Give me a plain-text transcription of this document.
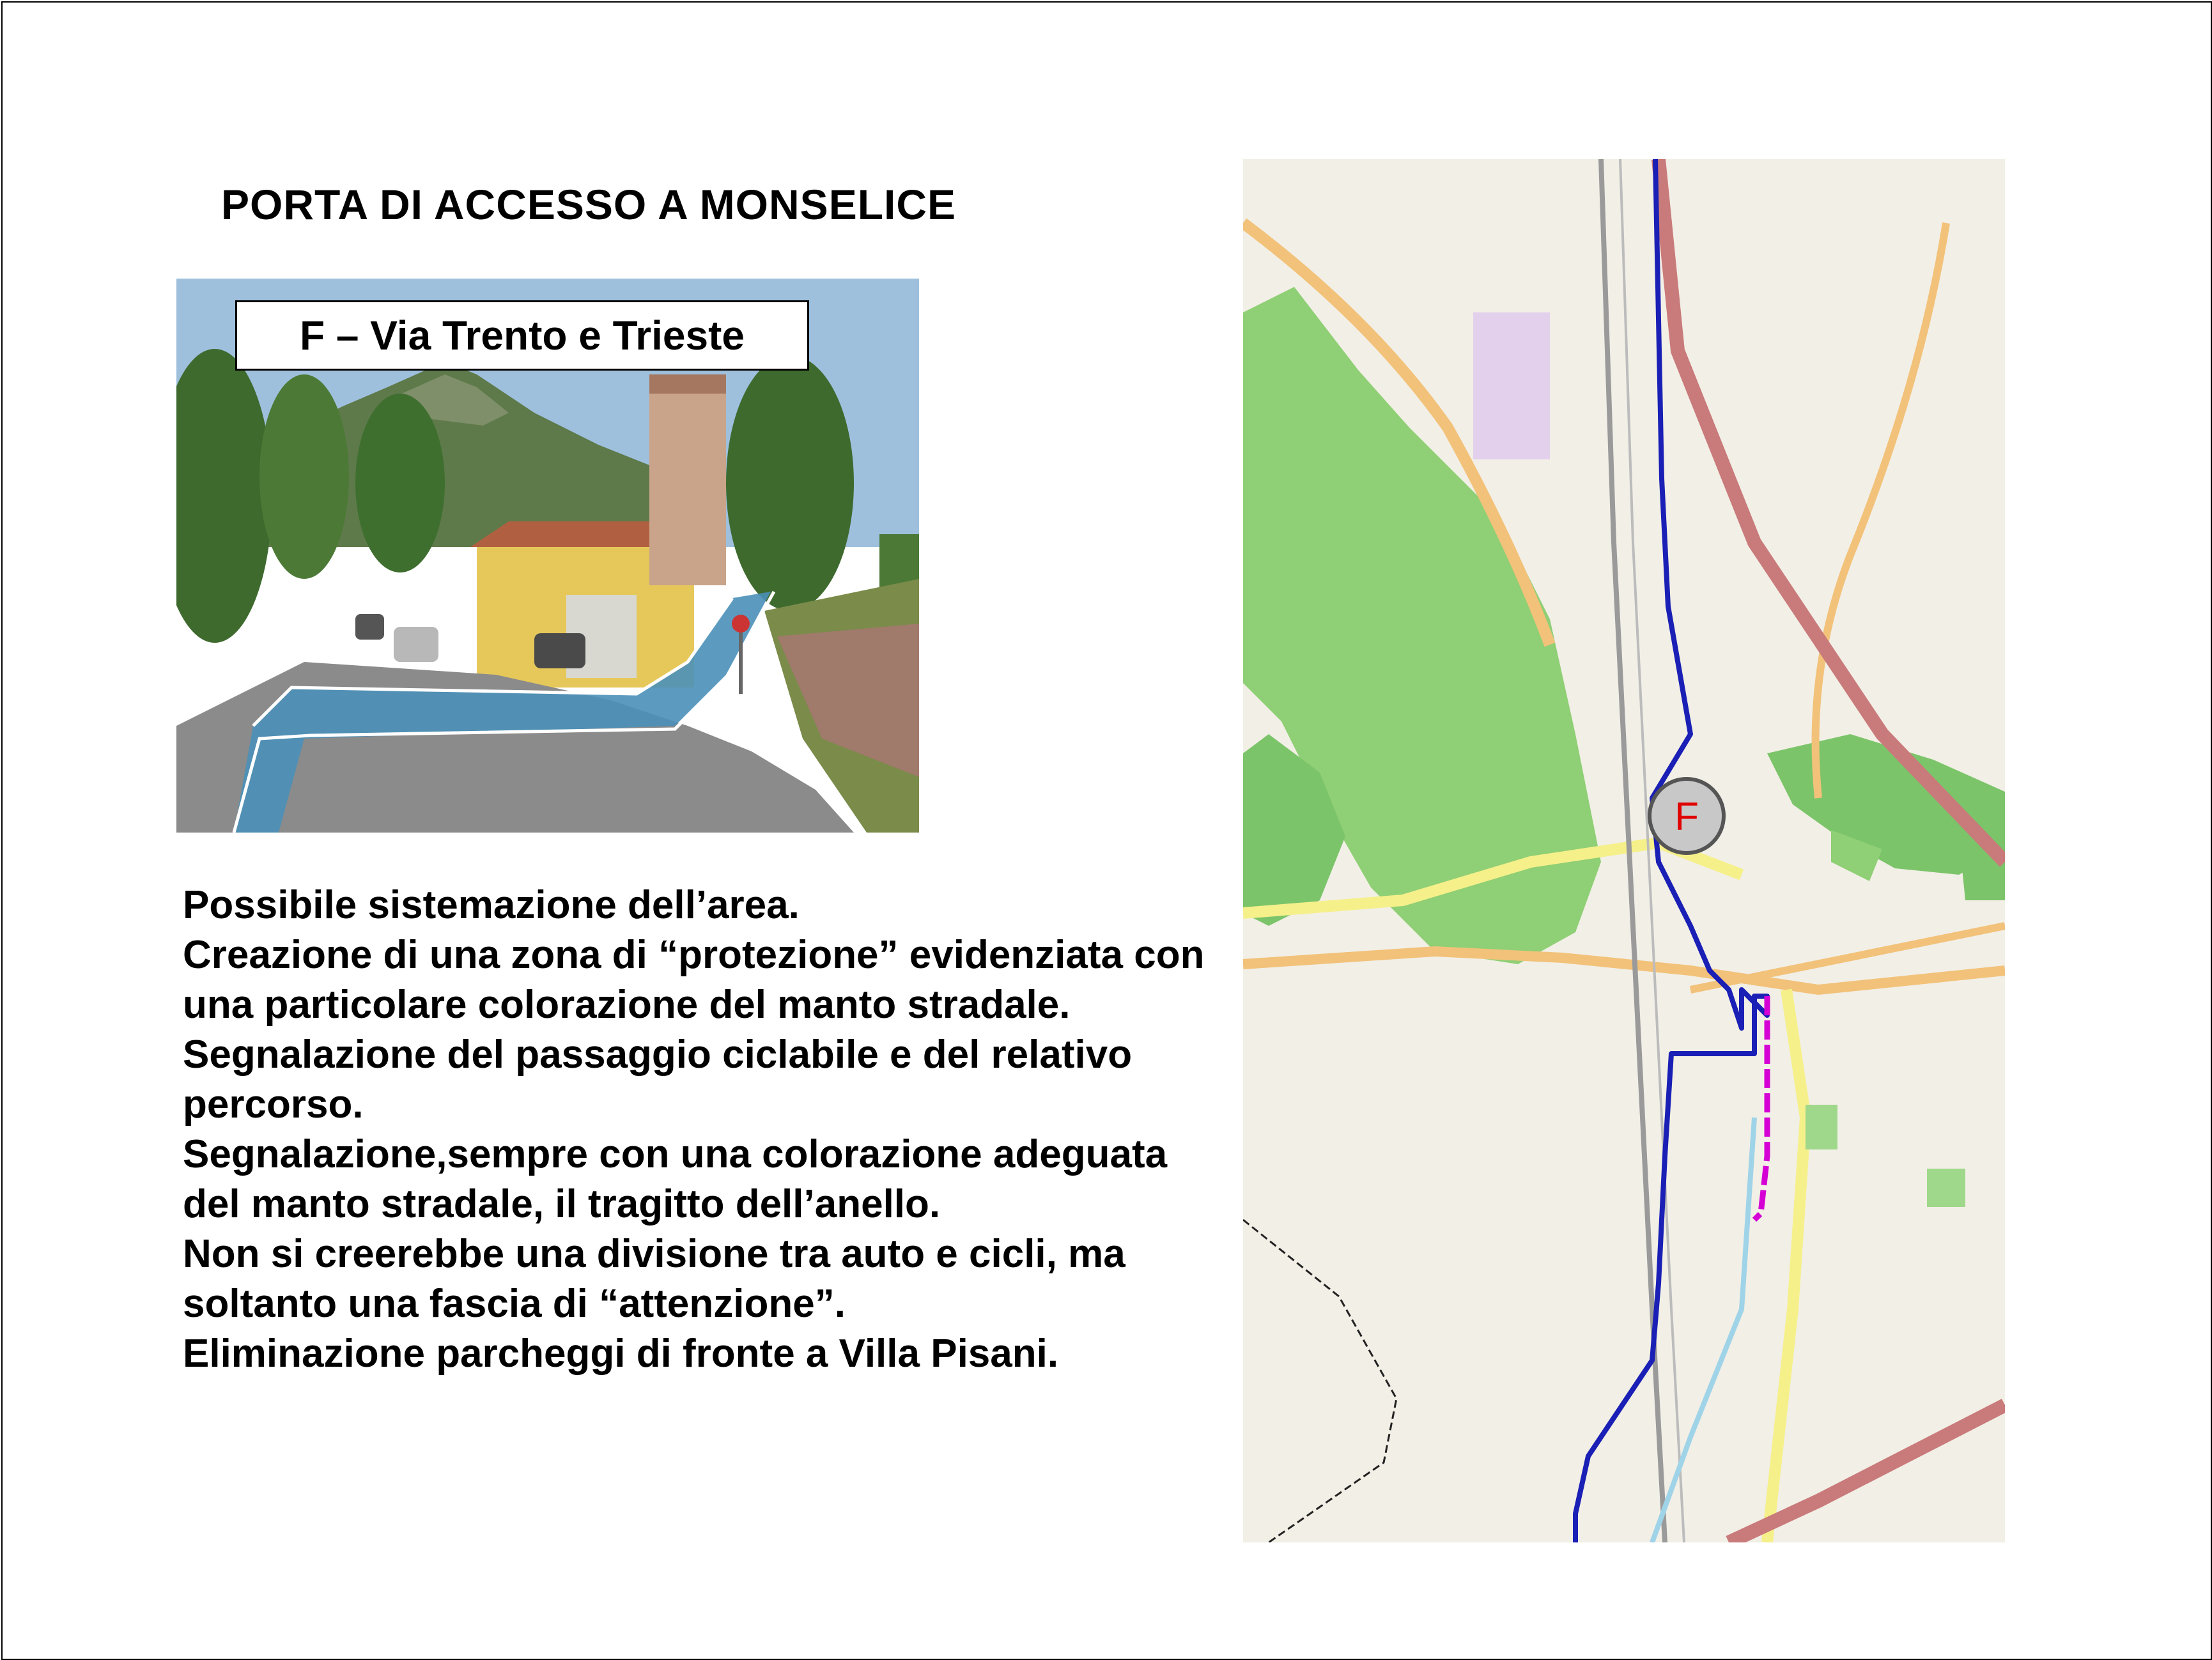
PORTA DI ACCESSO A MONSELICE
F – Via Trento e Trieste

Possibile sistemazione dell’area.

Creazione di una zona di “protezione” evidenziata con una particolare colorazione del manto stradale.

Segnalazione del passaggio ciclabile e del relativo percorso.

Segnalazione,sempre con una colorazione adeguata del manto stradale, il tragitto dell’anello.

Non si creerebbe una divisione tra auto e cicli, ma soltanto una fascia di “attenzione”.

Eliminazione parcheggi di fronte a Villa Pisani.

F
